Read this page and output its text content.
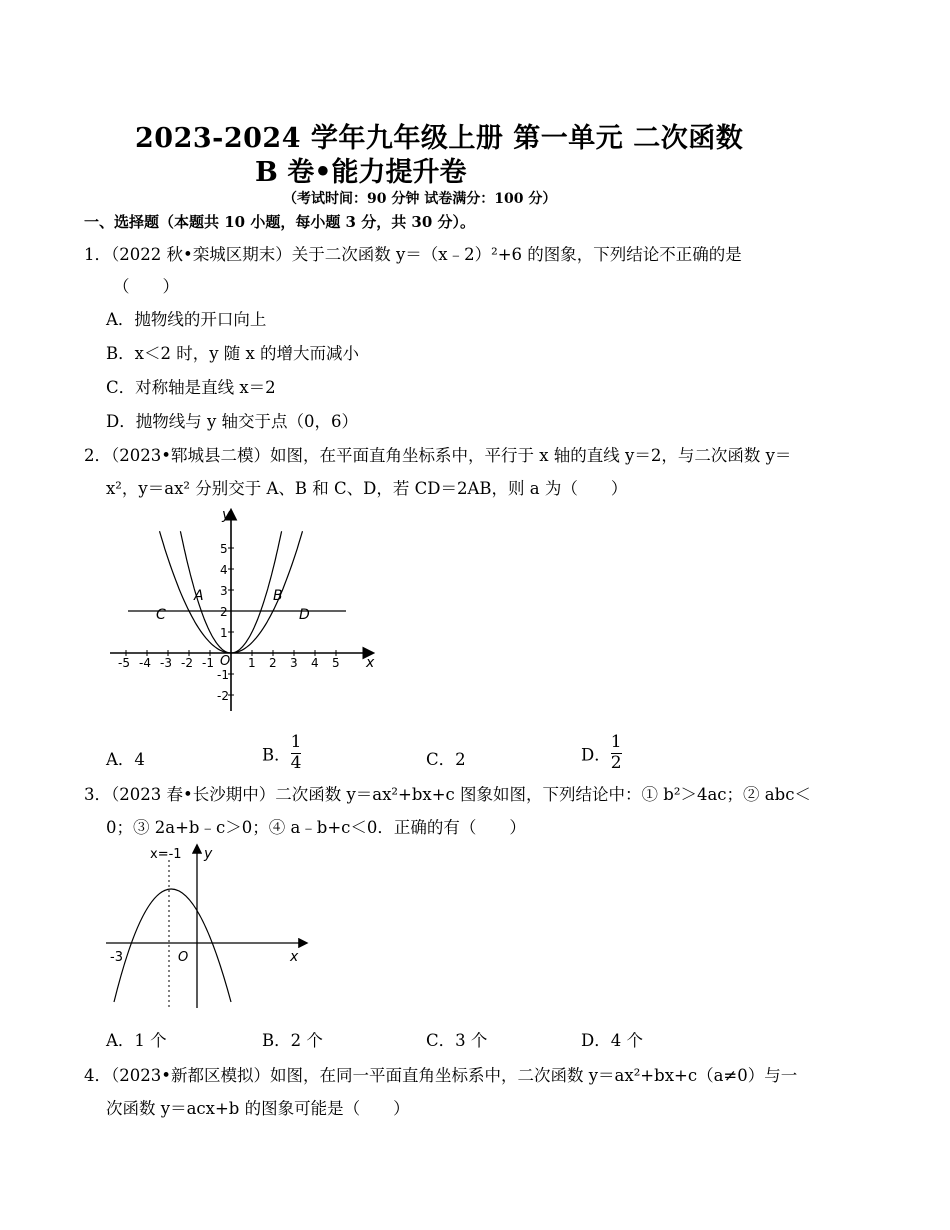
2023-2024 学年九年级上册 第一单元 二次函数
B 卷•能力提升卷
（考试时间：90 分钟 试卷满分：100 分）
一、选择题（本题共 10 小题，每小题 3 分，共 30 分）。
1．（2022 秋•栾城区期末）关于二次函数 y＝（x﹣2）²+6 的图象，下列结论不正确的是
（　　）
A．抛物线的开口向上
B．x＜2 时，y 随 x 的增大而减小
C．对称轴是直线 x＝2
D．抛物线与 y 轴交于点（0，6）
2．（2023•郓城县二模）如图，在平面直角坐标系中，平行于 x 轴的直线 y＝2，与二次函数 y＝
x²，y＝ax² 分别交于 A、B 和 C、D，若 CD＝2AB，则 a 为（　　）
-5 -4 -3 -2 -1	1 2 3 4 5
5
4
3
2
1
-1
-2
y
x
O
A	B
C	D
A．4	B． $\frac{1}{4}$	C．2	D． $\frac{1}{2}$
3．（2023 春•长沙期中）二次函数 y＝ax²+bx+c 图象如图，下列结论中：① b²＞4ac；② abc＜
0；③ 2a+b﹣c＞0；④ a﹣b+c＜0．正确的有（　　）
x=-1 y
x
O
-3
A．1 个	B．2 个	C．3 个	D．4 个
4．（2023•新都区模拟）如图，在同一平面直角坐标系中，二次函数 y＝ax²+bx+c（a≠0）与一
次函数 y＝acx+b 的图象可能是（　　）
